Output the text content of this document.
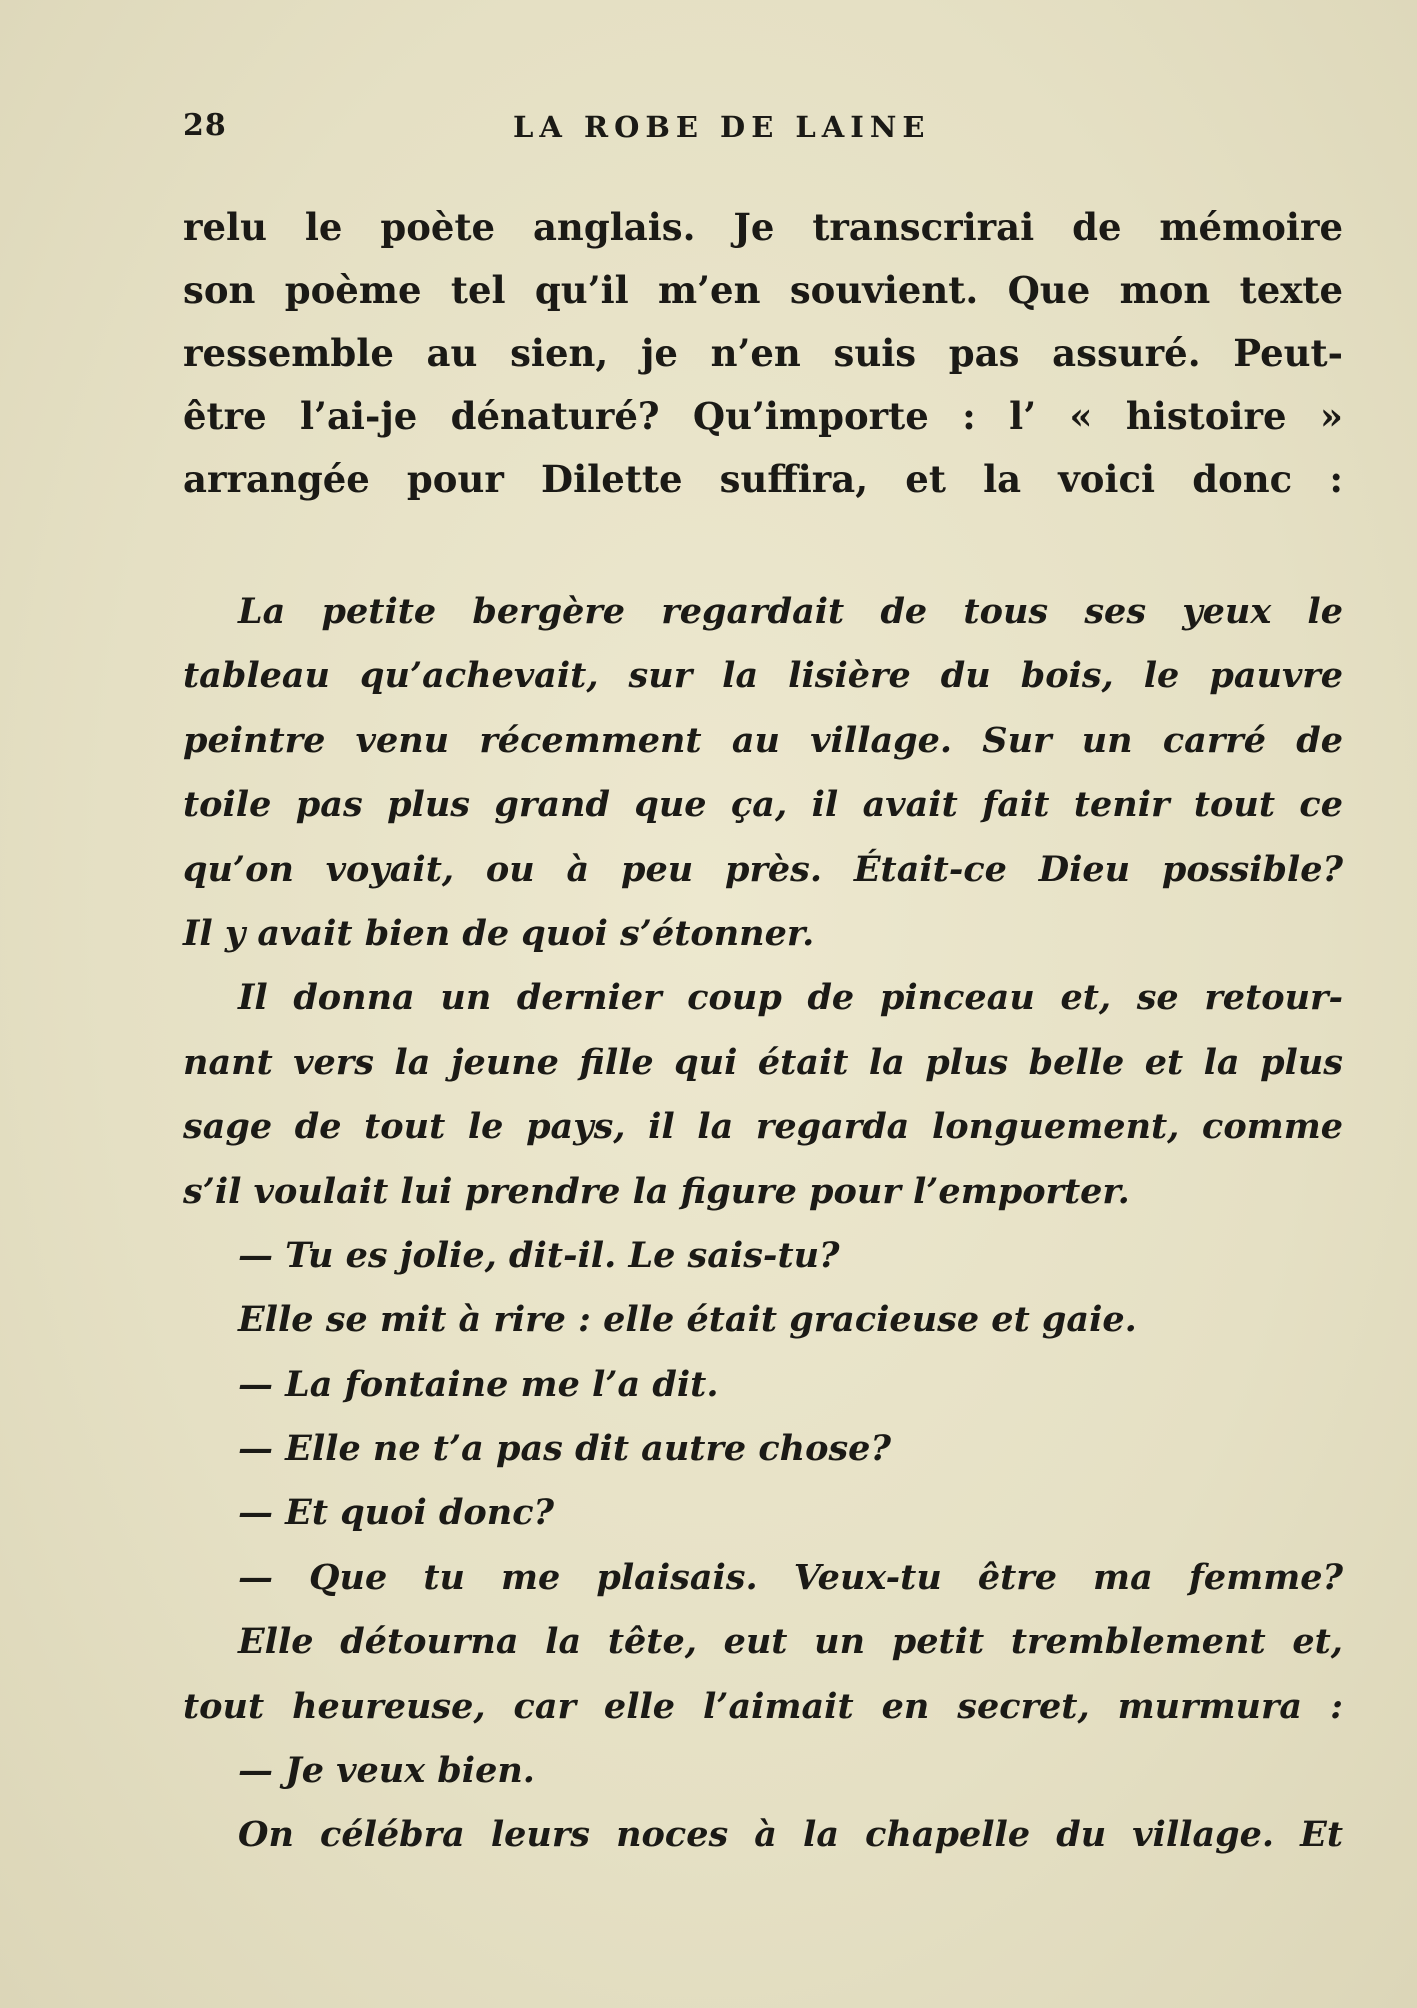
28	LA ROBE DE LAINE
relu le poète anglais. Je transcrirai de mémoire
son poème tel qu’il m’en souvient. Que mon texte
ressemble au sien, je n’en suis pas assuré. Peut-
être l’ai-je dénaturé? Qu’importe : l’ « histoire »
arrangée pour Dilette suffira, et la voici donc :
La petite bergère regardait de tous ses yeux le
tableau qu’achevait, sur la lisière du bois, le pauvre
peintre venu récemment au village. Sur un carré de
toile pas plus grand que ça, il avait fait tenir tout ce
qu’on voyait, ou à peu près. Était-ce Dieu possible?
Il y avait bien de quoi s’étonner.
Il donna un dernier coup de pinceau et, se retour-
nant vers la jeune fille qui était la plus belle et la plus
sage de tout le pays, il la regarda longuement, comme
s’il voulait lui prendre la figure pour l’emporter.
— Tu es jolie, dit-il. Le sais-tu?
Elle se mit à rire : elle était gracieuse et gaie.
— La fontaine me l’a dit.
— Elle ne t’a pas dit autre chose?
— Et quoi donc?
— Que tu me plaisais. Veux-tu être ma femme?
Elle détourna la tête, eut un petit tremblement et,
tout heureuse, car elle l’aimait en secret, murmura :
— Je veux bien.
On célébra leurs noces à la chapelle du village. Et
